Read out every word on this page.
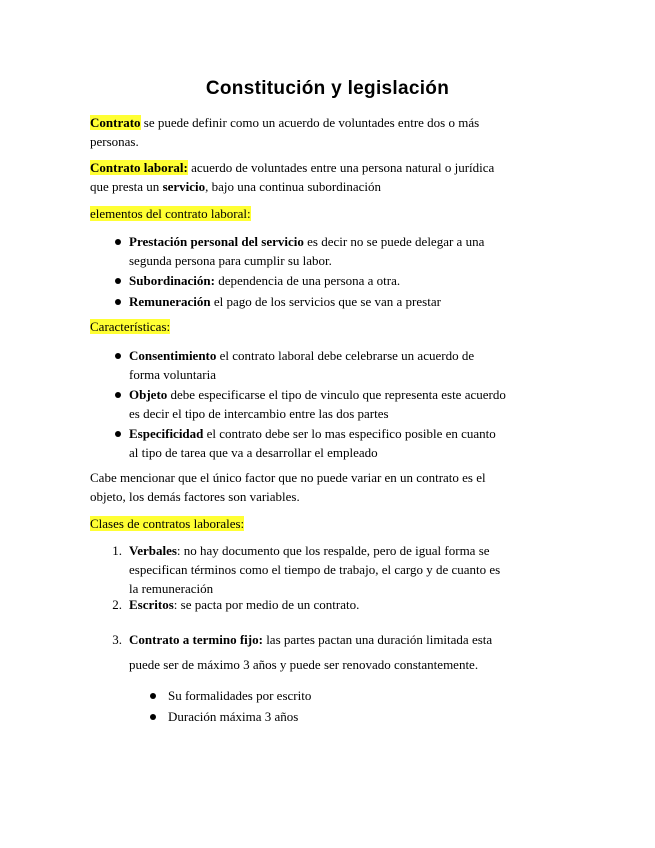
Constitución y legislación
Contrato se puede definir como un acuerdo de voluntades entre dos o más
personas.
Contrato laboral: acuerdo de voluntades entre una persona natural o jurídica
que presta un servicio, bajo una continua subordinación
elementos del contrato laboral:
Prestación personal del servicio es decir no se puede delegar a una
segunda persona para cumplir su labor.
Subordinación: dependencia de una persona a otra.
Remuneración el pago de los servicios que se van a prestar
Características:
Consentimiento el contrato laboral debe celebrarse un acuerdo de
forma voluntaria
Objeto debe especificarse el tipo de vinculo que representa este acuerdo
es decir el tipo de intercambio entre las dos partes
Especificidad el contrato debe ser lo mas especifico posible en cuanto
al tipo de tarea que va a desarrollar el empleado
Cabe mencionar que el único factor que no puede variar en un contrato es el
objeto, los demás factores son variables.
Clases de contratos laborales:
1. Verbales: no hay documento que los respalde, pero de igual forma se
especifican términos como el tiempo de trabajo, el cargo y de cuanto es
la remuneración
2. Escritos: se pacta por medio de un contrato.
3. Contrato a termino fijo: las partes pactan una duración limitada esta
puede ser de máximo 3 años y puede ser renovado constantemente.
Su formalidades por escrito
Duración máxima 3 años
